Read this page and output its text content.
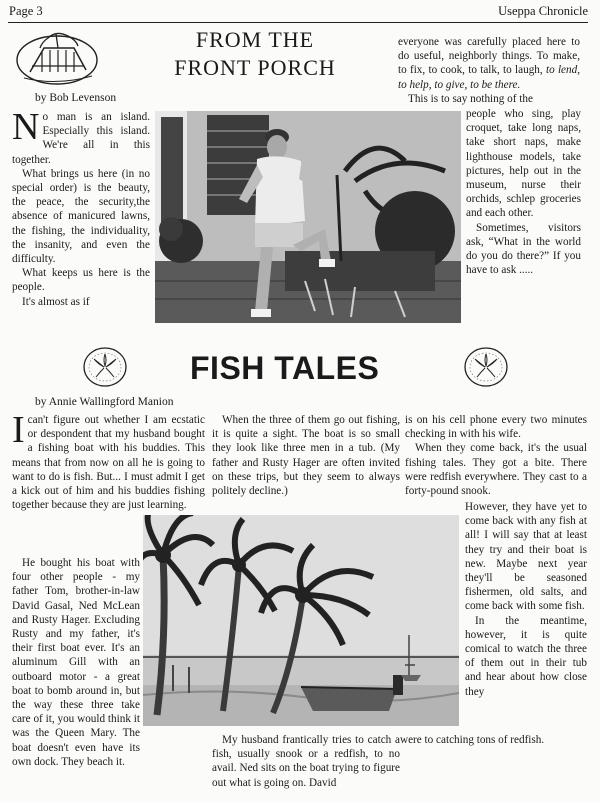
Page 3	Useppa Chronicle
FROM THE
FRONT PORCH
by Bob Levenson

No man is an island. Especially this island. We're all in this together.

What brings us here (in no special order) is the beauty, the peace, the security,the absence of manicured lawns, the fishing, the individuality, the insanity, and even the difficulty.

What keeps us here is the people.

It's almost as if

everyone was carefully placed here to do useful, neighborly things. To make, to fix, to cook, to talk, to laugh, to lend, to help, to give, to be there.

This is to say nothing of the

people who sing, play croquet, take long naps, take short naps, make lighthouse models, take pictures, help out in the museum, nurse their orchids, schlep groceries and each other.

Sometimes, visitors ask, “What in the world do you do there?” If you have to ask .....

FISH TALES
by Annie Wallingford Manion

Ican't figure out whether I am ecstatic or despondent that my husband bought a fishing boat with his buddies. This means that from now on all he is going to want to do is fish. But... I must admit I get a kick out of him and his buddies fishing together because they are just learning.

He bought his boat with four other people - my father Tom, brother-in-law David Gasal, Ned McLean and Rusty Hager. Excluding Rusty and my father, it's their first boat ever. It's an aluminum Gill with an outboard motor - a great boat to bomb around in, but the way these three take care of it, you would think it was the Queen Mary. The boat doesn't even have its own dock. They beach it.

When the three of them go out fishing, it is quite a sight. The boat is so small they look like three men in a tub. (My father and Rusty Hager are often invited on these trips, but they seem to always politely decline.)

My husband frantically tries to catch a fish, usually snook or a redfish, to no avail. Ned sits on the boat trying to figure out what is going on. David

is on his cell phone every two minutes checking in with his wife.

When they come back, it's the usual fishing tales. They got a bite. There were redfish everywhere. They cast to a forty-pound snook.

However, they have yet to come back with any fish at all! I will say that at least they try and their boat is new. Maybe next year they'll be seasoned fishermen, old salts, and come back with some fish.

In the meantime, however, it is quite comical to watch the three of them out in their tub and hear about how close they

were to catching tons of redfish.
